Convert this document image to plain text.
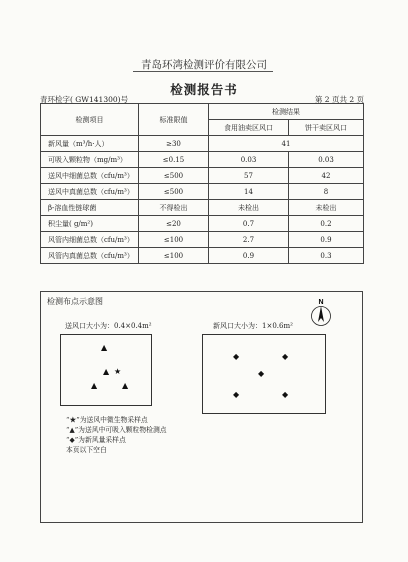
青岛环湾检测评价有限公司
检测报告书
青环检字( GW141300)号	第 2 页共 2 页
检测项目	标准限值	检测结果	
		食用油卖区风口	饼干卖区风口
新风量（m³/h·人）	≥30	41	
可吸入颗粒物（mg/m³）	≤0.15	0.03	0.03
送风中细菌总数（cfu/m³）	≤500	57	42
送风中真菌总数（cfu/m³）	≤500	14	8
β-溶血性链球菌	不得检出	未检出	未检出
积尘量( g/m²)	≤20	0.7	0.2
风管内细菌总数（cfu/m³）	≤100	2.7	0.9
风管内真菌总数（cfu/m³）	≤100	0.9	0.3
检测布点示意图	N
送风口大小为：0.4×0.4m²	新风口大小为：1×0.6m²
▲
▲ ★
▲	▲
◆	◆
◆
◆	◆
“★”为送风中微生物采样点
“▲”为送风中可吸入颗粒物检测点
“◆”为新风量采样点
本页以下空白
